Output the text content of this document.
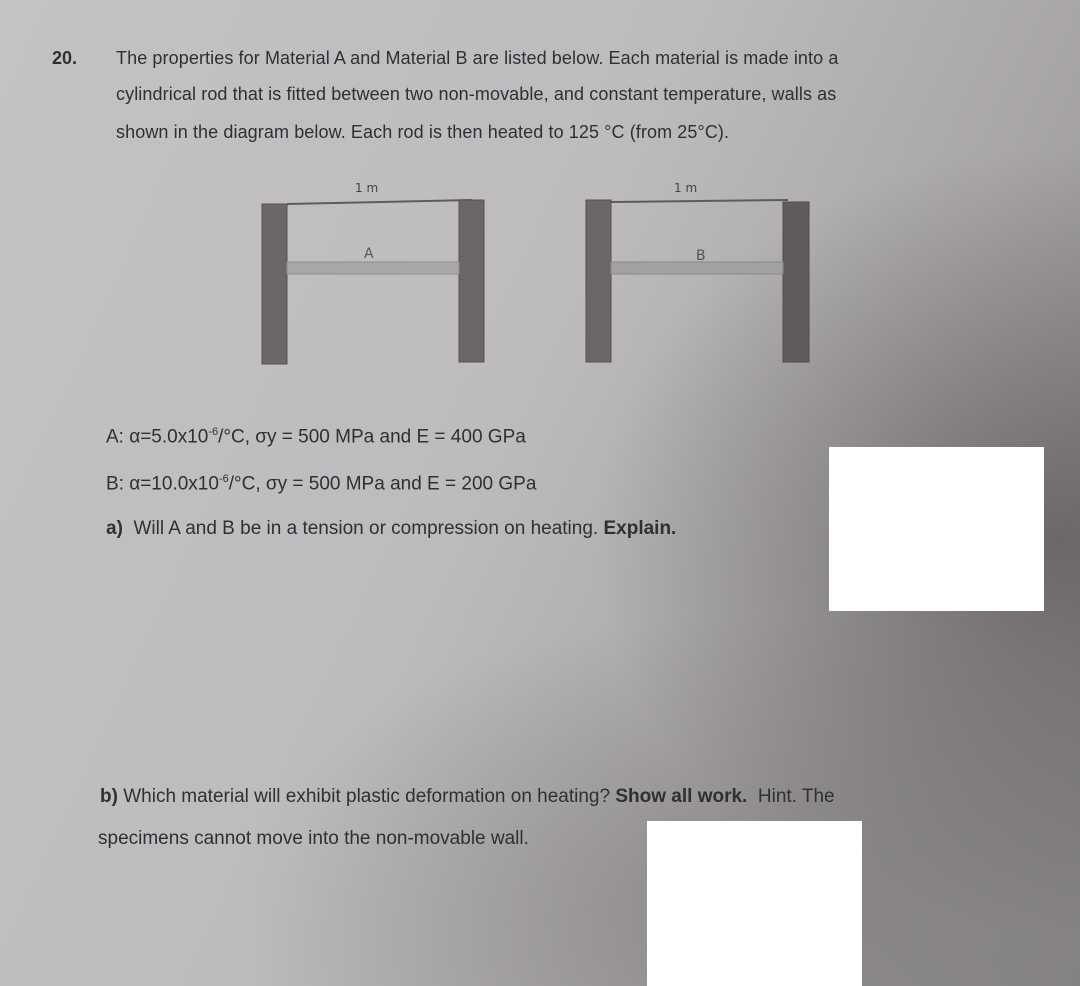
20. The properties for Material A and Material B are listed below. Each material is made into a
cylindrical rod that is fitted between two non-movable, and constant temperature, walls as
shown in the diagram below. Each rod is then heated to 125 °C (from 25°C).
1 m
A
1 m
B
A: $\alpha=5.0x10^{-6}/^\circ C$, σy = 500 MPa and E = 400 GPa
B: $\alpha=10.0x10^{-6}/^\circ C$, σy = 500 MPa and E = 200 GPa
a)  Will A and B be in a tension or compression on heating. Explain.
b) Which material will exhibit plastic deformation on heating? Show all work.  Hint. The
specimens cannot move into the non-movable wall.
